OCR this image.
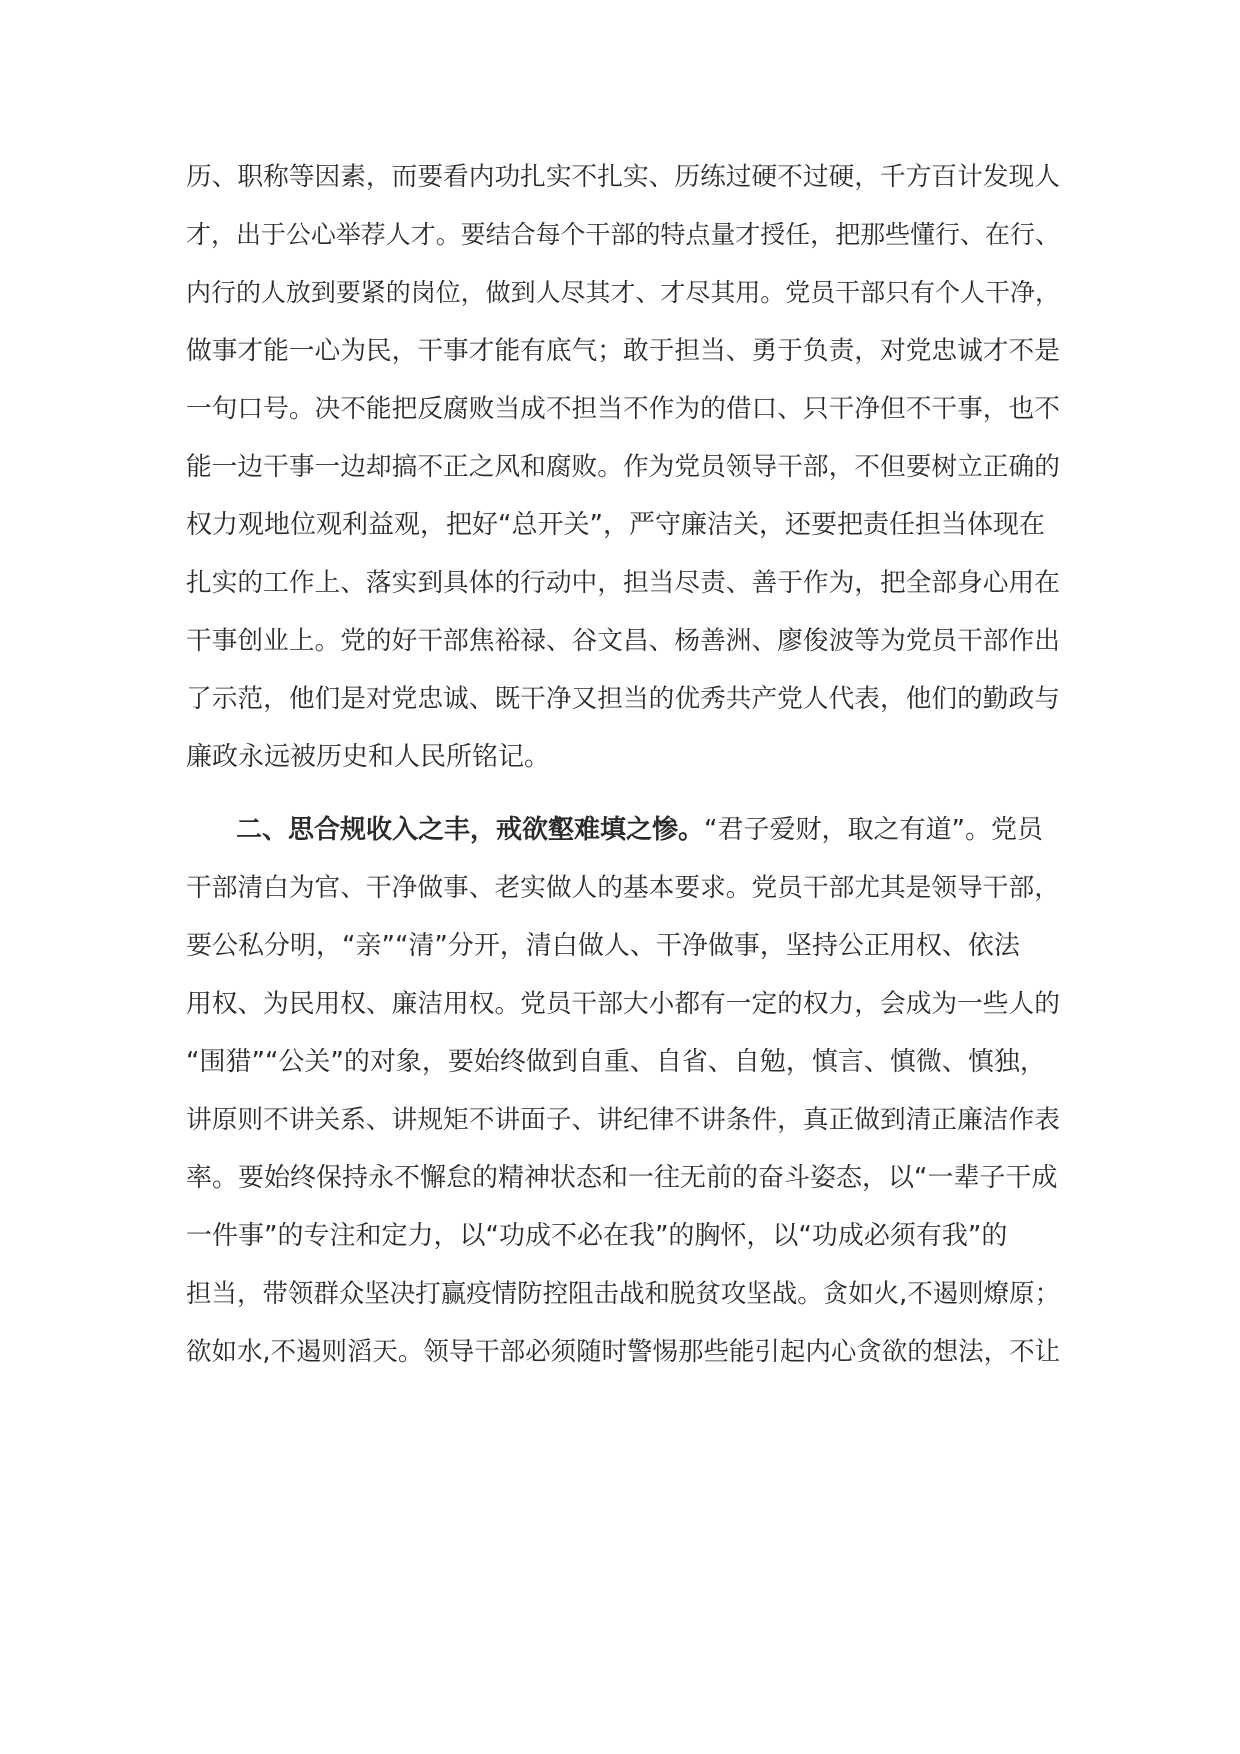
历、职称等因素，而要看内功扎实不扎实、历练过硬不过硬，千方百计发现人
才，出于公心举荐人才。要结合每个干部的特点量才授任，把那些懂行、在行、
内行的人放到要紧的岗位，做到人尽其才、才尽其用。党员干部只有个人干净，
做事才能一心为民，干事才能有底气；敢于担当、勇于负责，对党忠诚才不是
一句口号。决不能把反腐败当成不担当不作为的借口、只干净但不干事，也不
能一边干事一边却搞不正之风和腐败。作为党员领导干部，不但要树立正确的
权力观地位观利益观，把好“总开关”，严守廉洁关，还要把责任担当体现在
扎实的工作上、落实到具体的行动中，担当尽责、善于作为，把全部身心用在
干事创业上。党的好干部焦裕禄、谷文昌、杨善洲、廖俊波等为党员干部作出
了示范，他们是对党忠诚、既干净又担当的优秀共产党人代表，他们的勤政与
廉政永远被历史和人民所铭记。
二、思合规收入之丰，戒欲壑难填之惨。“君子爱财，取之有道”。党员
干部清白为官、干净做事、老实做人的基本要求。党员干部尤其是领导干部，
要公私分明，“亲”“清”分开，清白做人、干净做事，坚持公正用权、依法
用权、为民用权、廉洁用权。党员干部大小都有一定的权力，会成为一些人的
“围猎”“公关”的对象，要始终做到自重、自省、自勉，慎言、慎微、慎独，
讲原则不讲关系、讲规矩不讲面子、讲纪律不讲条件，真正做到清正廉洁作表
率。要始终保持永不懈怠的精神状态和一往无前的奋斗姿态，以“一辈子干成
一件事”的专注和定力，以“功成不必在我”的胸怀，以“功成必须有我”的
担当，带领群众坚决打赢疫情防控阻击战和脱贫攻坚战。贪如火,不遏则燎原；
欲如水,不遏则滔天。领导干部必须随时警惕那些能引起内心贪欲的想法，不让
